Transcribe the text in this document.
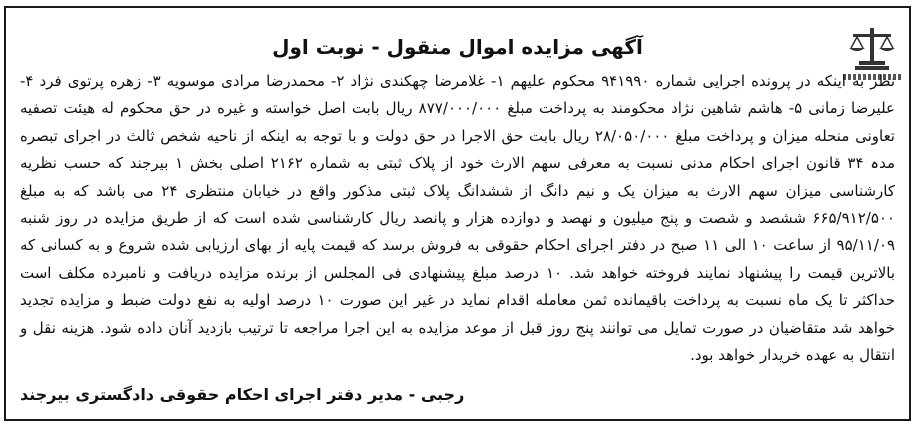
آگهی مزایده اموال منقول - نوبت اول
نظر به اینکه در پرونده اجرایی شماره ۹۴۱۹۹۰ محکوم علیهم ۱- غلامرضا چهکندی نژاد ۲- محمدرضا مرادی موسویه ۳- زهره پرتوی فرد ۴- علیرضا زمانی ۵- هاشم شاهین نژاد محکومند به پرداخت مبلغ ۸۷۷/۰۰۰/۰۰۰ ریال بابت اصل خواسته و غیره در حق محکوم له هیئت تصفیه تعاونی منحله میزان و پرداخت مبلغ ۲۸/۰۵۰/۰۰۰ ریال بابت حق الاجرا در حق دولت و با توجه به اینکه از ناحیه شخص ثالث در اجرای تبصره مدہ ۳۴ قانون اجرای احکام مدنی نسبت به معرفی سهم الارث خود از پلاک ثبتی به شماره ۲۱۶۲ اصلی بخش ۱ بیرجند که حسب نظریه کارشناسی میزان سهم الارث به میزان یک و نیم دانگ از ششدانگ پلاک ثبتی مذکور واقع در خیابان منتظری ۲۴ می باشد که به مبلغ ۶۶۵/۹۱۲/۵۰۰ ششصد و شصت و پنج میلیون و نهصد و دوازده هزار و پانصد ریال کارشناسی شده است که از طریق مزایده در روز شنبه ۹۵/۱۱/۰۹ از ساعت ۱۰ الی ۱۱ صبح در دفتر اجرای احکام حقوقی به فروش برسد که قیمت پایه از بهای ارزیابی شده شروع و به کسانی که بالاترین قیمت را پیشنهاد نمایند فروخته خواهد شد. ۱۰ درصد مبلغ پیشنهادی فی المجلس از برنده مزایده دریافت و نامبرده مکلف است حداکثر تا یک ماه نسبت به پرداخت باقیمانده ثمن معامله اقدام نماید در غیر این صورت ۱۰ درصد اولیه به نفع دولت ضبط و مزایده تجدید خواهد شد متقاضیان در صورت تمایل می توانند پنج روز قبل از موعد مزایده به این اجرا مراجعه تا ترتیب بازدید آنان داده شود. هزینه نقل و انتقال به عهده خریدار خواهد بود.
رجبی - مدیر دفتر اجرای احکام حقوقی دادگستری بیرجند
